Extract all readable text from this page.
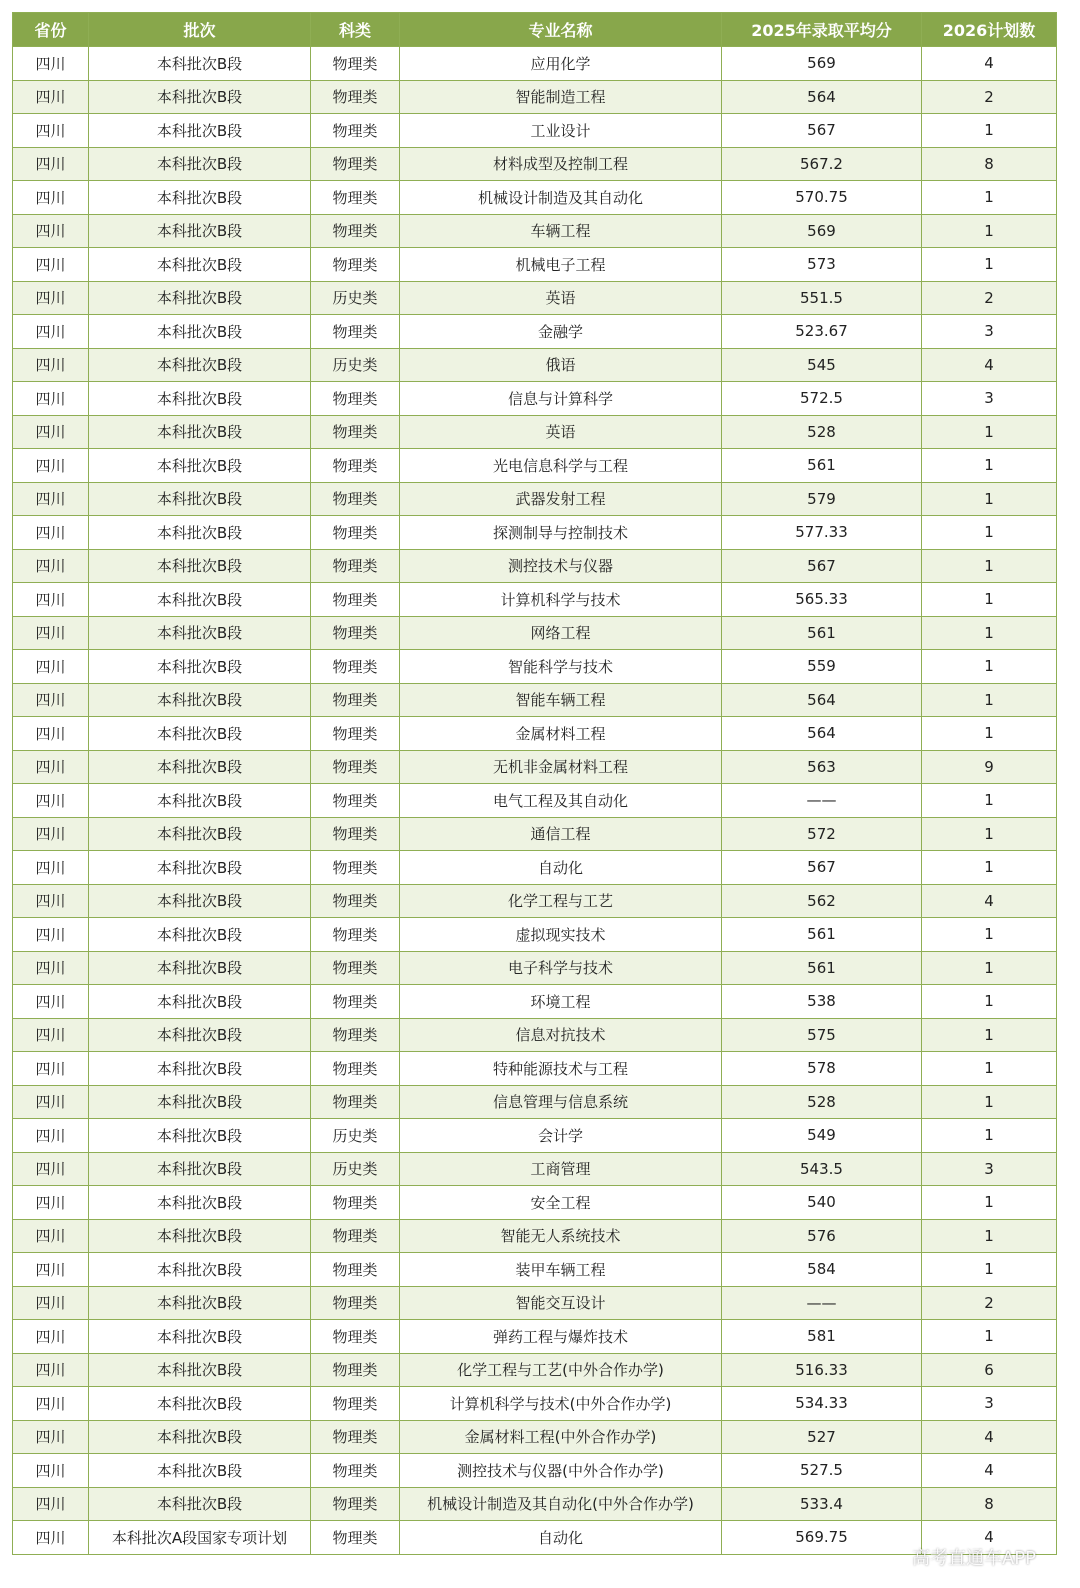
省份	批次	科类	专业名称	2025年录取平均分	2026计划数
四川	本科批次B段	物理类	应用化学	569	4
四川	本科批次B段	物理类	智能制造工程	564	2
四川	本科批次B段	物理类	工业设计	567	1
四川	本科批次B段	物理类	材料成型及控制工程	567.2	8
四川	本科批次B段	物理类	机械设计制造及其自动化	570.75	1
四川	本科批次B段	物理类	车辆工程	569	1
四川	本科批次B段	物理类	机械电子工程	573	1
四川	本科批次B段	历史类	英语	551.5	2
四川	本科批次B段	物理类	金融学	523.67	3
四川	本科批次B段	历史类	俄语	545	4
四川	本科批次B段	物理类	信息与计算科学	572.5	3
四川	本科批次B段	物理类	英语	528	1
四川	本科批次B段	物理类	光电信息科学与工程	561	1
四川	本科批次B段	物理类	武器发射工程	579	1
四川	本科批次B段	物理类	探测制导与控制技术	577.33	1
四川	本科批次B段	物理类	测控技术与仪器	567	1
四川	本科批次B段	物理类	计算机科学与技术	565.33	1
四川	本科批次B段	物理类	网络工程	561	1
四川	本科批次B段	物理类	智能科学与技术	559	1
四川	本科批次B段	物理类	智能车辆工程	564	1
四川	本科批次B段	物理类	金属材料工程	564	1
四川	本科批次B段	物理类	无机非金属材料工程	563	9
四川	本科批次B段	物理类	电气工程及其自动化	——	1
四川	本科批次B段	物理类	通信工程	572	1
四川	本科批次B段	物理类	自动化	567	1
四川	本科批次B段	物理类	化学工程与工艺	562	4
四川	本科批次B段	物理类	虚拟现实技术	561	1
四川	本科批次B段	物理类	电子科学与技术	561	1
四川	本科批次B段	物理类	环境工程	538	1
四川	本科批次B段	物理类	信息对抗技术	575	1
四川	本科批次B段	物理类	特种能源技术与工程	578	1
四川	本科批次B段	物理类	信息管理与信息系统	528	1
四川	本科批次B段	历史类	会计学	549	1
四川	本科批次B段	历史类	工商管理	543.5	3
四川	本科批次B段	物理类	安全工程	540	1
四川	本科批次B段	物理类	智能无人系统技术	576	1
四川	本科批次B段	物理类	装甲车辆工程	584	1
四川	本科批次B段	物理类	智能交互设计	——	2
四川	本科批次B段	物理类	弹药工程与爆炸技术	581	1
四川	本科批次B段	物理类	化学工程与工艺(中外合作办学)	516.33	6
四川	本科批次B段	物理类	计算机科学与技术(中外合作办学)	534.33	3
四川	本科批次B段	物理类	金属材料工程(中外合作办学)	527	4
四川	本科批次B段	物理类	测控技术与仪器(中外合作办学)	527.5	4
四川	本科批次B段	物理类	机械设计制造及其自动化(中外合作办学)	533.4	8
四川	本科批次A段国家专项计划	物理类	自动化	569.75	4
高考直通车APP
